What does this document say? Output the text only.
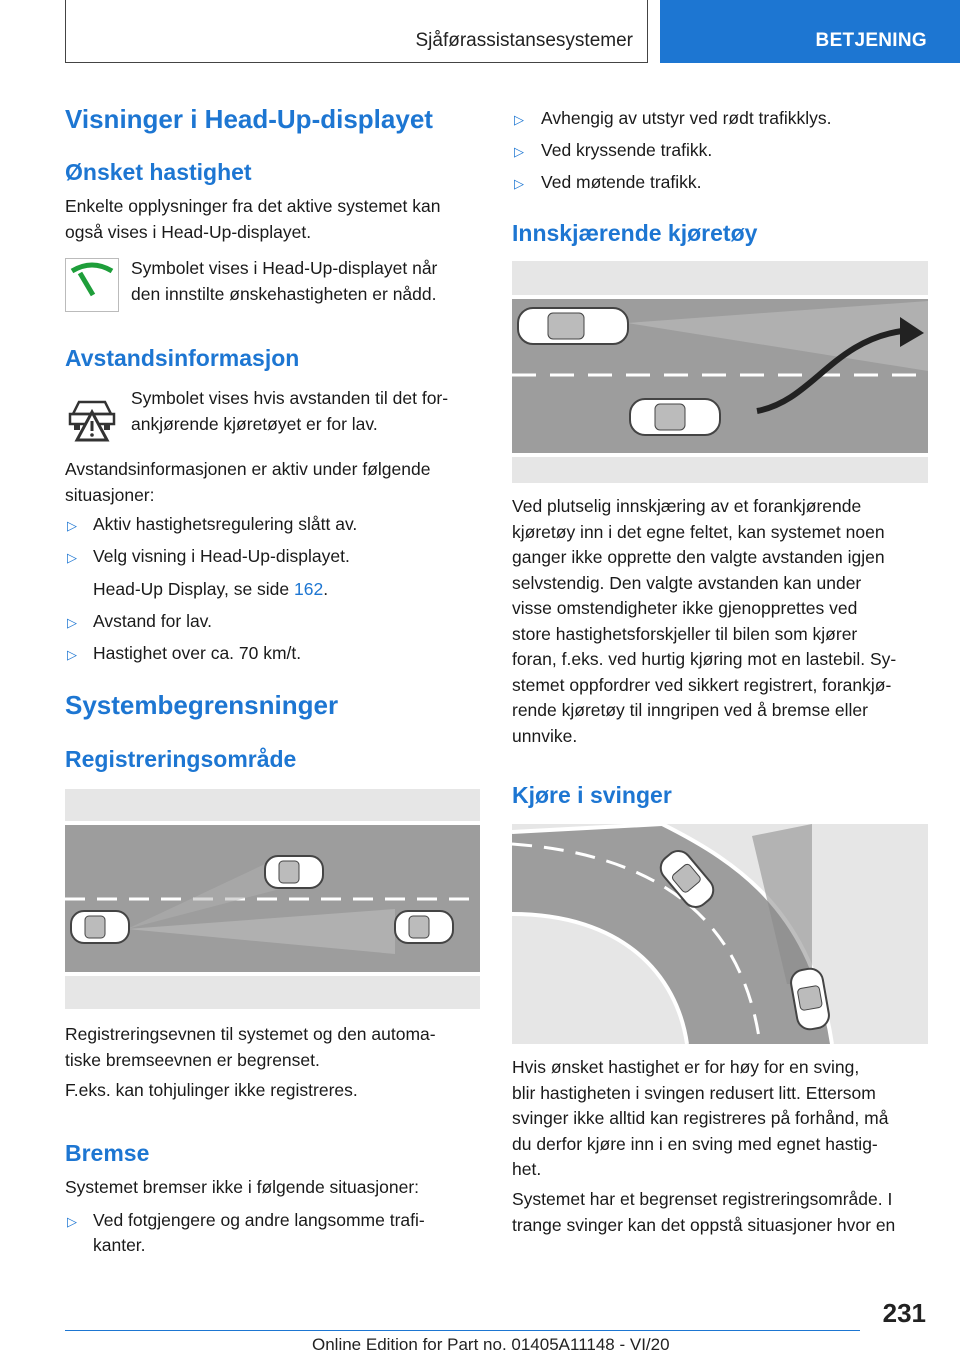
Sjåførassistansesystemer	BETJENING
Visninger i Head-Up-displayet
Ønsket hastighet
Enkelte opplysninger fra det aktive systemet kan
også vises i Head-Up-displayet.
Symbolet vises i Head-Up-displayet når
den innstilte ønskehastigheten er nådd.
Avstandsinformasjon
Symbolet vises hvis avstanden til det for-
ankjørende kjøretøyet er for lav.
Avstandsinformasjonen er aktiv under følgende
situasjoner:
▷ Aktiv hastighetsregulering slått av.
▷ Velg visning i Head-Up-displayet.
Head-Up Display, se side 162.
▷ Avstand for lav.
▷ Hastighet over ca. 70 km/t.
Systembegrensninger
Registreringsområde
Registreringsevnen til systemet og den automa-
tiske bremseevnen er begrenset.
F.eks. kan tohjulinger ikke registreres.
Bremse
Systemet bremser ikke i følgende situasjoner:
▷ Ved fotgjengere og andre langsomme trafi-
kanter.
▷ Avhengig av utstyr ved rødt trafikklys.
▷ Ved kryssende trafikk.
▷ Ved møtende trafikk.
Innskjærende kjøretøy
Ved plutselig innskjæring av et forankjørende
kjøretøy inn i det egne feltet, kan systemet noen
ganger ikke opprette den valgte avstanden igjen
selvstendig. Den valgte avstanden kan under
visse omstendigheter ikke gjenopprettes ved
store hastighetsforskjeller til bilen som kjører
foran, f.eks. ved hurtig kjøring mot en lastebil. Sy-
stemet oppfordrer ved sikkert registrert, forankjø-
rende kjøretøy til inngripen ved å bremse eller
unnvike.
Kjøre i svinger
Hvis ønsket hastighet er for høy for en sving,
blir hastigheten i svingen redusert litt. Ettersom
svinger ikke alltid kan registreres på forhånd, må
du derfor kjøre inn i en sving med egnet hastig-
het.
Systemet har et begrenset registreringsområde. I
trange svinger kan det oppstå situasjoner hvor en
231
Online Edition for Part no. 01405A11148 - VI/20
